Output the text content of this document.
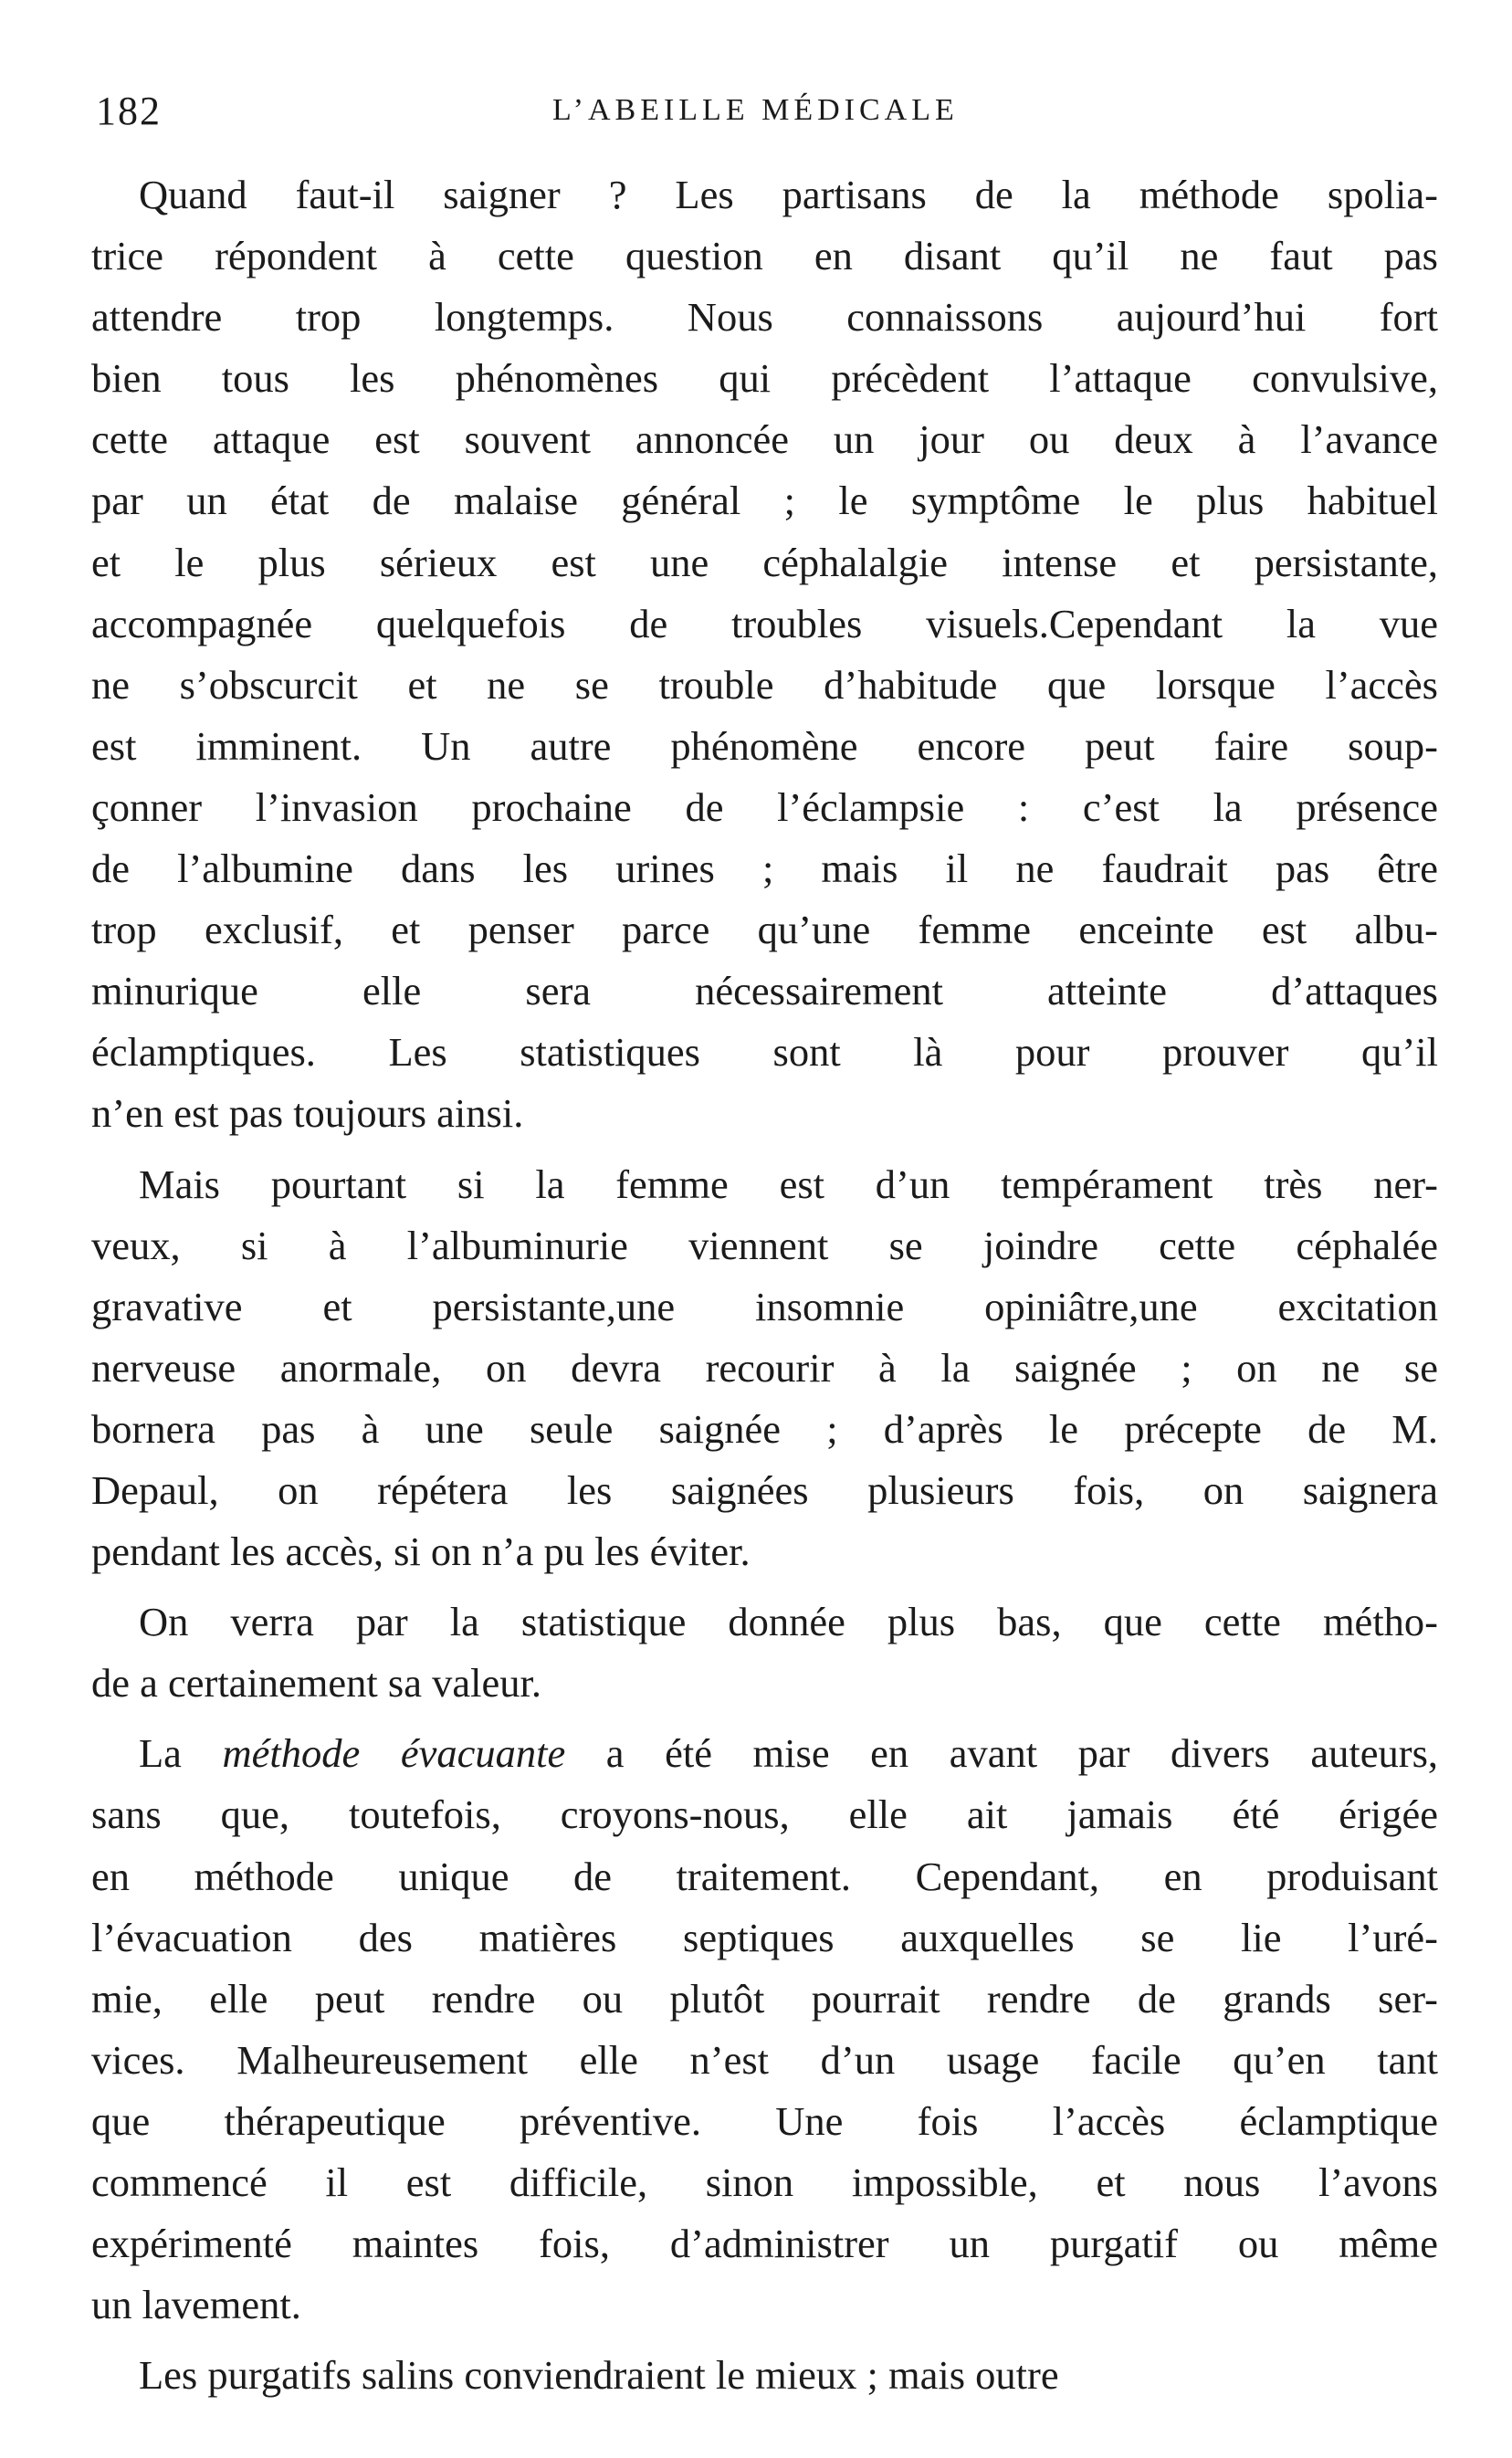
182	L’ABEILLE MÉDICALE
Quand faut-il saigner ? Les partisans de la méthode spolia-
trice répondent à cette question en disant qu’il ne faut pas
attendre trop longtemps. Nous connaissons aujourd’hui fort
bien tous les phénomènes qui précèdent l’attaque convulsive,
cette attaque est souvent annoncée un jour ou deux à l’avance
par un état de malaise général ; le symptôme le plus habituel
et le plus sérieux est une céphalalgie intense et persistante,
accompagnée quelquefois de troubles visuels.Cependant la vue
ne s’obscurcit et ne se trouble d’habitude que lorsque l’accès
est imminent. Un autre phénomène encore peut faire soup-
çonner l’invasion prochaine de l’éclampsie : c’est la présence
de l’albumine dans les urines ; mais il ne faudrait pas être
trop exclusif, et penser parce qu’une femme enceinte est albu-
minurique elle sera nécessairement atteinte d’attaques
éclamptiques. Les statistiques sont là pour prouver qu’il
n’en est pas toujours ainsi.
Mais pourtant si la femme est d’un tempérament très ner-
veux, si à l’albuminurie viennent se joindre cette céphalée
gravative et persistante,une insomnie opiniâtre,une excitation
nerveuse anormale, on devra recourir à la saignée ; on ne se
bornera pas à une seule saignée ; d’après le précepte de M.
Depaul, on répétera les saignées plusieurs fois, on saignera
pendant les accès, si on n’a pu les éviter.
On verra par la statistique donnée plus bas, que cette métho-
de a certainement sa valeur.
La méthode évacuante a été mise en avant par divers auteurs,
sans que, toutefois, croyons-nous, elle ait jamais été érigée
en méthode unique de traitement. Cependant, en produisant
l’évacuation des matières septiques auxquelles se lie l’uré-
mie, elle peut rendre ou plutôt pourrait rendre de grands ser-
vices. Malheureusement elle n’est d’un usage facile qu’en tant
que thérapeutique préventive. Une fois l’accès éclamptique
commencé il est difficile, sinon impossible, et nous l’avons
expérimenté maintes fois, d’administrer un purgatif ou même
un lavement.
Les purgatifs salins conviendraient le mieux ; mais outre
